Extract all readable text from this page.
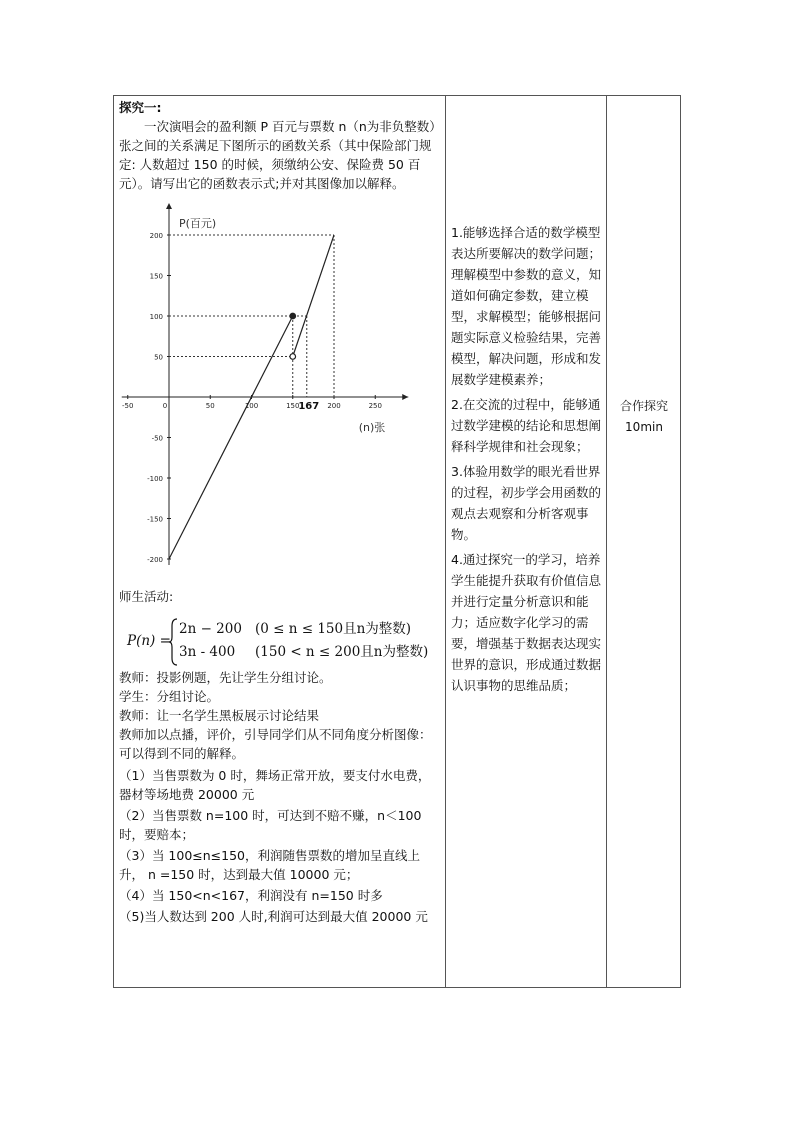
探究一:

一次演唱会的盈利额 P 百元与票数 n（n为非负整数）张之间的关系满足下图所示的函数关系（其中保险部门规定: 人数超过 150 的时候，须缴纳公安、保险费 50 百元）。请写出它的函数表示式;并对其图像加以解释。

-50	0	50	100	150	200	250
200
150
100
50
-50
-100
-150
-200
P(百元)
(n)张
167

师生活动:

P(n) =
2n − 200 (0 ≤ n ≤ 150且n为整数)
3n - 400 (150 < n ≤ 200且n为整数)

教师：投影例题，先让学生分组讨论。

学生：分组讨论。

教师：让一名学生黑板展示讨论结果

教师加以点播，评价，引导同学们从不同角度分析图像：可以得到不同的解释。

（1）当售票数为 0 时，舞场正常开放，要支付水电费，器材等场地费 20000 元

（2）当售票数 n=100 时，可达到不赔不赚，n＜100 时，要赔本；

（3）当 100≤n≤150，利润随售票数的增加呈直线上升， n =150 时，达到最大值 10000 元；

（4）当 150<n<167，利润没有 n=150 时多

（5)当人数达到 200 人时,利润可达到最大值 20000 元

1.能够选择合适的数学模型表达所要解决的数学问题；理解模型中参数的意义，知道如何确定参数，建立模型，求解模型；能够根据问题实际意义检验结果，完善模型，解决问题，形成和发展数学建模素养；

2.在交流的过程中，能够通过数学建模的结论和思想阐释科学规律和社会现象；

3.体验用数学的眼光看世界的过程，初步学会用函数的观点去观察和分析客观事物。

4.通过探究一的学习，培养学生能提升获取有价值信息并进行定量分析意识和能力；适应数字化学习的需要，增强基于数据表达现实世界的意识，形成通过数据认识事物的思维品质；

合作探究

10min
